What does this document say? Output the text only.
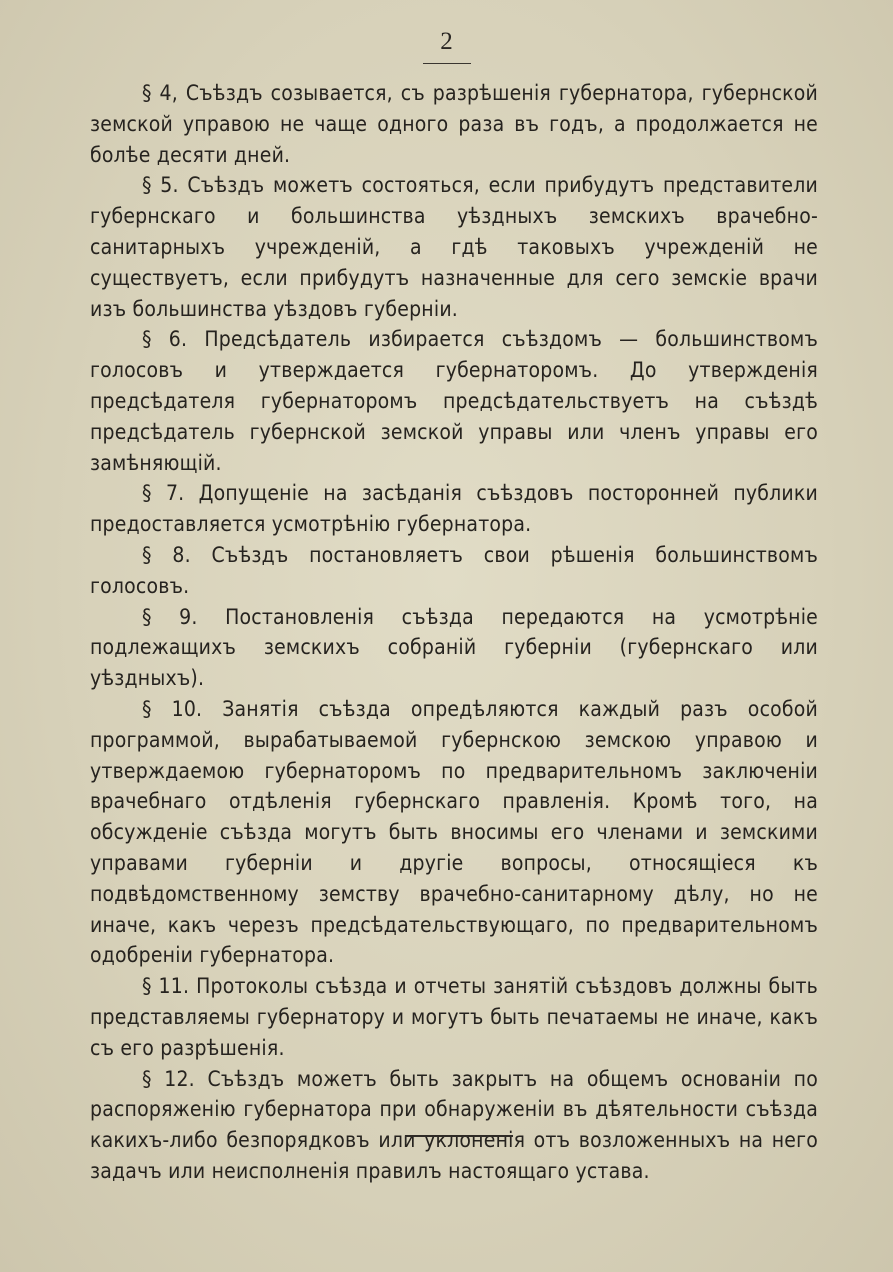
2

§ 4, Съѣздъ созывается, съ разрѣшенія губернатора, губернской земской управою не чаще одного раза въ годъ, а продолжается не болѣе десяти дней.

§ 5. Съѣздъ можетъ состояться, если прибудутъ представители губернскаго и большинства уѣздныхъ земскихъ врачебно-санитарныхъ учрежденій, а гдѣ таковыхъ учрежденій не существуетъ, если прибудутъ назначенные для сего земскіе врачи изъ большинства уѣздовъ губерніи.

§ 6. Предсѣдатель избирается съѣздомъ — большинствомъ голосовъ и утверждается губернаторомъ. До утвержденія предсѣдателя губернаторомъ предсѣдательствуетъ на съѣздѣ предсѣдатель губернской земской управы или членъ управы его замѣняющій.

§ 7. Допущеніе на засѣданія съѣздовъ посторонней публики предоставляется усмотрѣнію губернатора.

§ 8. Съѣздъ постановляетъ свои рѣшенія большинствомъ голосовъ.

§ 9. Постановленія съѣзда передаются на усмотрѣніе подлежащихъ земскихъ собраній губерніи (губернскаго или уѣздныхъ).

§ 10. Занятія съѣзда опредѣляются каждый разъ особой программой, вырабатываемой губернскою земскою управою и утверждаемою губернаторомъ по предварительномъ заключеніи врачебнаго отдѣленія губернскаго правленія. Кромѣ того, на обсужденіе съѣзда могутъ быть вносимы его членами и земскими управами губерніи и другіе вопросы, относящіеся къ подвѣдомственному земству врачебно-санитарному дѣлу, но не иначе, какъ черезъ предсѣдательствующаго, по предварительномъ одобреніи губернатора.

§ 11. Протоколы съѣзда и отчеты занятій съѣздовъ должны быть представляемы губернатору и могутъ быть печатаемы не иначе, какъ съ его разрѣшенія.

§ 12. Съѣздъ можетъ быть закрытъ на общемъ основаніи по распоряженію губернатора при обнаруженіи въ дѣятельности съѣзда какихъ-либо безпорядковъ или уклоненія отъ возложенныхъ на него задачъ или неисполненія правилъ настоящаго устава.
